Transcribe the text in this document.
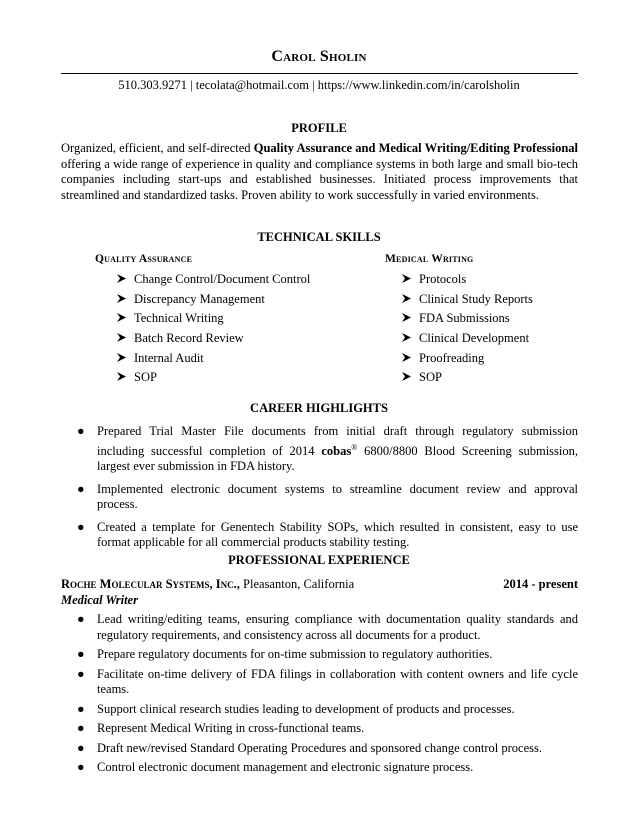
Carol Sholin
510.303.9271 | tecolata@hotmail.com | https://www.linkedin.com/in/carolsholin
PROFILE
Organized, efficient, and self-directed Quality Assurance and Medical Writing/Editing Professional offering a wide range of experience in quality and compliance systems in both large and small bio-tech companies including start-ups and established businesses. Initiated process improvements that streamlined and standardized tasks. Proven ability to work successfully in varied environments.
TECHNICAL SKILLS
Quality Assurance
Change Control/Document Control
Discrepancy Management
Technical Writing
Batch Record Review
Internal Audit
SOP
Medical Writing
Protocols
Clinical Study Reports
FDA Submissions
Clinical Development
Proofreading
SOP
CAREER HIGHLIGHTS
● Prepared Trial Master File documents from initial draft through regulatory submission including successful completion of 2014 cobas® 6800/8800 Blood Screening submission, largest ever submission in FDA history.
● Implemented electronic document systems to streamline document review and approval process.
● Created a template for Genentech Stability SOPs, which resulted in consistent, easy to use format applicable for all commercial products stability testing.
PROFESSIONAL EXPERIENCE
Roche Molecular Systems, Inc., Pleasanton, California	2014 - present
Medical Writer
● Lead writing/editing teams, ensuring compliance with documentation quality standards and regulatory requirements, and consistency across all documents for a product.
● Prepare regulatory documents for on-time submission to regulatory authorities.
● Facilitate on-time delivery of FDA filings in collaboration with content owners and life cycle teams.
● Support clinical research studies leading to development of products and processes.
● Represent Medical Writing in cross-functional teams.
● Draft new/revised Standard Operating Procedures and sponsored change control process.
● Control electronic document management and electronic signature process.
